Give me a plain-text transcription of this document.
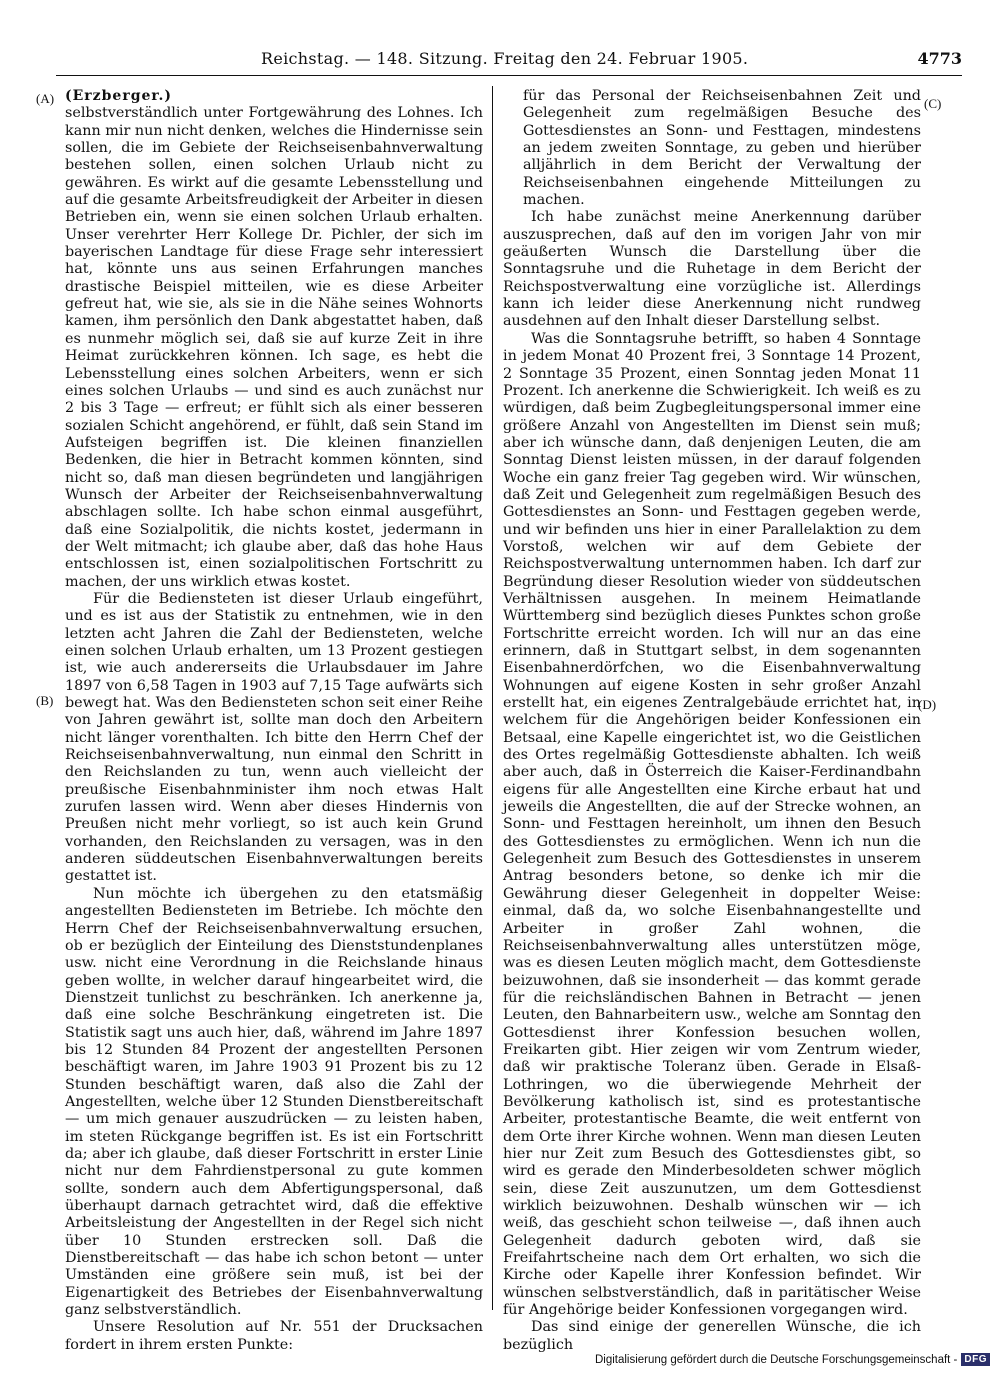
Reichstag. — 148. Sitzung. Freitag den 24. Februar 1905.	4773
(A)
(B)
(C)
(D)
(Erzberger.)

selbstverständlich unter Fortgewährung des Lohnes. Ich kann mir nun nicht denken, welches die Hindernisse sein sollen, die im Gebiete der Reichseisenbahnverwaltung bestehen sollen, einen solchen Urlaub nicht zu gewähren. Es wirkt auf die gesamte Lebensstellung und auf die gesamte Arbeitsfreudigkeit der Arbeiter in diesen Betrieben ein, wenn sie einen solchen Urlaub erhalten. Unser verehrter Herr Kollege Dr. Pichler, der sich im bayerischen Landtage für diese Frage sehr interessiert hat, könnte uns aus seinen Erfahrungen manches drastische Beispiel mitteilen, wie es diese Arbeiter gefreut hat, wie sie, als sie in die Nähe seines Wohnorts kamen, ihm persönlich den Dank abgestattet haben, daß es nunmehr möglich sei, daß sie auf kurze Zeit in ihre Heimat zurückkehren können. Ich sage, es hebt die Lebensstellung eines solchen Arbeiters, wenn er sich eines solchen Urlaubs — und sind es auch zunächst nur 2 bis 3 Tage — erfreut; er fühlt sich als einer besseren sozialen Schicht angehörend, er fühlt, daß sein Stand im Aufsteigen begriffen ist. Die kleinen finanziellen Bedenken, die hier in Betracht kommen könnten, sind nicht so, daß man diesen begründeten und langjährigen Wunsch der Arbeiter der Reichseisenbahnverwaltung abschlagen sollte. Ich habe schon einmal ausgeführt, daß eine Sozialpolitik, die nichts kostet, jedermann in der Welt mitmacht; ich glaube aber, daß das hohe Haus entschlossen ist, einen sozialpolitischen Fortschritt zu machen, der uns wirklich etwas kostet.

Für die Bediensteten ist dieser Urlaub eingeführt, und es ist aus der Statistik zu entnehmen, wie in den letzten acht Jahren die Zahl der Bediensteten, welche einen solchen Urlaub erhalten, um 13 Prozent gestiegen ist, wie auch andererseits die Urlaubsdauer im Jahre 1897 von 6,58 Tagen in 1903 auf 7,15 Tage aufwärts sich bewegt hat. Was den Bediensteten schon seit einer Reihe von Jahren gewährt ist, sollte man doch den Arbeitern nicht länger vorenthalten. Ich bitte den Herrn Chef der Reichseisenbahnverwaltung, nun einmal den Schritt in den Reichslanden zu tun, wenn auch vielleicht der preußische Eisenbahnminister ihm noch etwas Halt zurufen lassen wird. Wenn aber dieses Hindernis von Preußen nicht mehr vorliegt, so ist auch kein Grund vorhanden, den Reichslanden zu versagen, was in den anderen süddeutschen Eisenbahnverwaltungen bereits gestattet ist.

Nun möchte ich übergehen zu den etatsmäßig angestellten Bediensteten im Betriebe. Ich möchte den Herrn Chef der Reichseisenbahnverwaltung ersuchen, ob er bezüglich der Einteilung des Dienststundenplanes usw. nicht eine Verordnung in die Reichslande hinaus geben wollte, in welcher darauf hingearbeitet wird, die Dienstzeit tunlichst zu beschränken. Ich anerkenne ja, daß eine solche Beschränkung eingetreten ist. Die Statistik sagt uns auch hier, daß, während im Jahre 1897 bis 12 Stunden 84 Prozent der angestellten Personen beschäftigt waren, im Jahre 1903 91 Prozent bis zu 12 Stunden beschäftigt waren, daß also die Zahl der Angestellten, welche über 12 Stunden Dienstbereitschaft — um mich genauer auszudrücken — zu leisten haben, im steten Rückgange begriffen ist. Es ist ein Fortschritt da; aber ich glaube, daß dieser Fortschritt in erster Linie nicht nur dem Fahrdienstpersonal zu gute kommen sollte, sondern auch dem Abfertigungspersonal, daß überhaupt darnach getrachtet wird, daß die effektive Arbeitsleistung der Angestellten in der Regel sich nicht über 10 Stunden erstrecken soll. Daß die Dienstbereitschaft — das habe ich schon betont — unter Umständen eine größere sein muß, ist bei der Eigenartigkeit des Betriebes der Eisenbahnverwaltung ganz selbstverständlich.

Unsere Resolution auf Nr. 551 der Drucksachen fordert in ihrem ersten Punkte:

für das Personal der Reichseisenbahnen Zeit und Gelegenheit zum regelmäßigen Besuche des Gottesdienstes an Sonn- und Festtagen, mindestens an jedem zweiten Sonntage, zu geben und hierüber alljährlich in dem Bericht der Verwaltung der Reichseisenbahnen eingehende Mitteilungen zu machen.

Ich habe zunächst meine Anerkennung darüber auszusprechen, daß auf den im vorigen Jahr von mir geäußerten Wunsch die Darstellung über die Sonntagsruhe und die Ruhetage in dem Bericht der Reichspostverwaltung eine vorzügliche ist. Allerdings kann ich leider diese Anerkennung nicht rundweg ausdehnen auf den Inhalt dieser Darstellung selbst.

Was die Sonntagsruhe betrifft, so haben 4 Sonntage in jedem Monat 40 Prozent frei, 3 Sonntage 14 Prozent, 2 Sonntage 35 Prozent, einen Sonntag jeden Monat 11 Prozent. Ich anerkenne die Schwierigkeit. Ich weiß es zu würdigen, daß beim Zugbegleitungspersonal immer eine größere Anzahl von Angestellten im Dienst sein muß; aber ich wünsche dann, daß denjenigen Leuten, die am Sonntag Dienst leisten müssen, in der darauf folgenden Woche ein ganz freier Tag gegeben wird. Wir wünschen, daß Zeit und Gelegenheit zum regelmäßigen Besuch des Gottesdienstes an Sonn- und Festtagen gegeben werde, und wir befinden uns hier in einer Parallelaktion zu dem Vorstoß, welchen wir auf dem Gebiete der Reichspostverwaltung unternommen haben. Ich darf zur Begründung dieser Resolution wieder von süddeutschen Verhältnissen ausgehen. In meinem Heimatlande Württemberg sind bezüglich dieses Punktes schon große Fortschritte erreicht worden. Ich will nur an das eine erinnern, daß in Stuttgart selbst, in dem sogenannten Eisenbahnerdörfchen, wo die Eisenbahnverwaltung Wohnungen auf eigene Kosten in sehr großer Anzahl erstellt hat, ein eigenes Zentralgebäude errichtet hat, in welchem für die Angehörigen beider Konfessionen ein Betsaal, eine Kapelle eingerichtet ist, wo die Geistlichen des Ortes regelmäßig Gottesdienste abhalten. Ich weiß aber auch, daß in Österreich die Kaiser-Ferdinandbahn eigens für alle Angestellten eine Kirche erbaut hat und jeweils die Angestellten, die auf der Strecke wohnen, an Sonn- und Festtagen hereinholt, um ihnen den Besuch des Gottesdienstes zu ermöglichen. Wenn ich nun die Gelegenheit zum Besuch des Gottesdienstes in unserem Antrag besonders betone, so denke ich mir die Gewährung dieser Gelegenheit in doppelter Weise: einmal, daß da, wo solche Eisenbahnangestellte und Arbeiter in großer Zahl wohnen, die Reichseisenbahnverwaltung alles unterstützen möge, was es diesen Leuten möglich macht, dem Gottesdienste beizuwohnen, daß sie insonderheit — das kommt gerade für die reichsländischen Bahnen in Betracht — jenen Leuten, den Bahnarbeitern usw., welche am Sonntag den Gottesdienst ihrer Konfession besuchen wollen, Freikarten gibt. Hier zeigen wir vom Zentrum wieder, daß wir praktische Toleranz üben. Gerade in Elsaß-Lothringen, wo die überwiegende Mehrheit der Bevölkerung katholisch ist, sind es protestantische Arbeiter, protestantische Beamte, die weit entfernt von dem Orte ihrer Kirche wohnen. Wenn man diesen Leuten hier nur Zeit zum Besuch des Gottesdienstes gibt, so wird es gerade den Minderbesoldeten schwer möglich sein, diese Zeit auszunutzen, um dem Gottesdienst wirklich beizuwohnen. Deshalb wünschen wir — ich weiß, das geschieht schon teilweise —, daß ihnen auch Gelegenheit dadurch geboten wird, daß sie Freifahrtscheine nach dem Ort erhalten, wo sich die Kirche oder Kapelle ihrer Konfession befindet. Wir wünschen selbstverständlich, daß in paritätischer Weise für Angehörige beider Konfessionen vorgegangen wird.

Das sind einige der generellen Wünsche, die ich bezüglich

Digitalisierung gefördert durch die Deutsche Forschungsgemeinschaft - DFG
